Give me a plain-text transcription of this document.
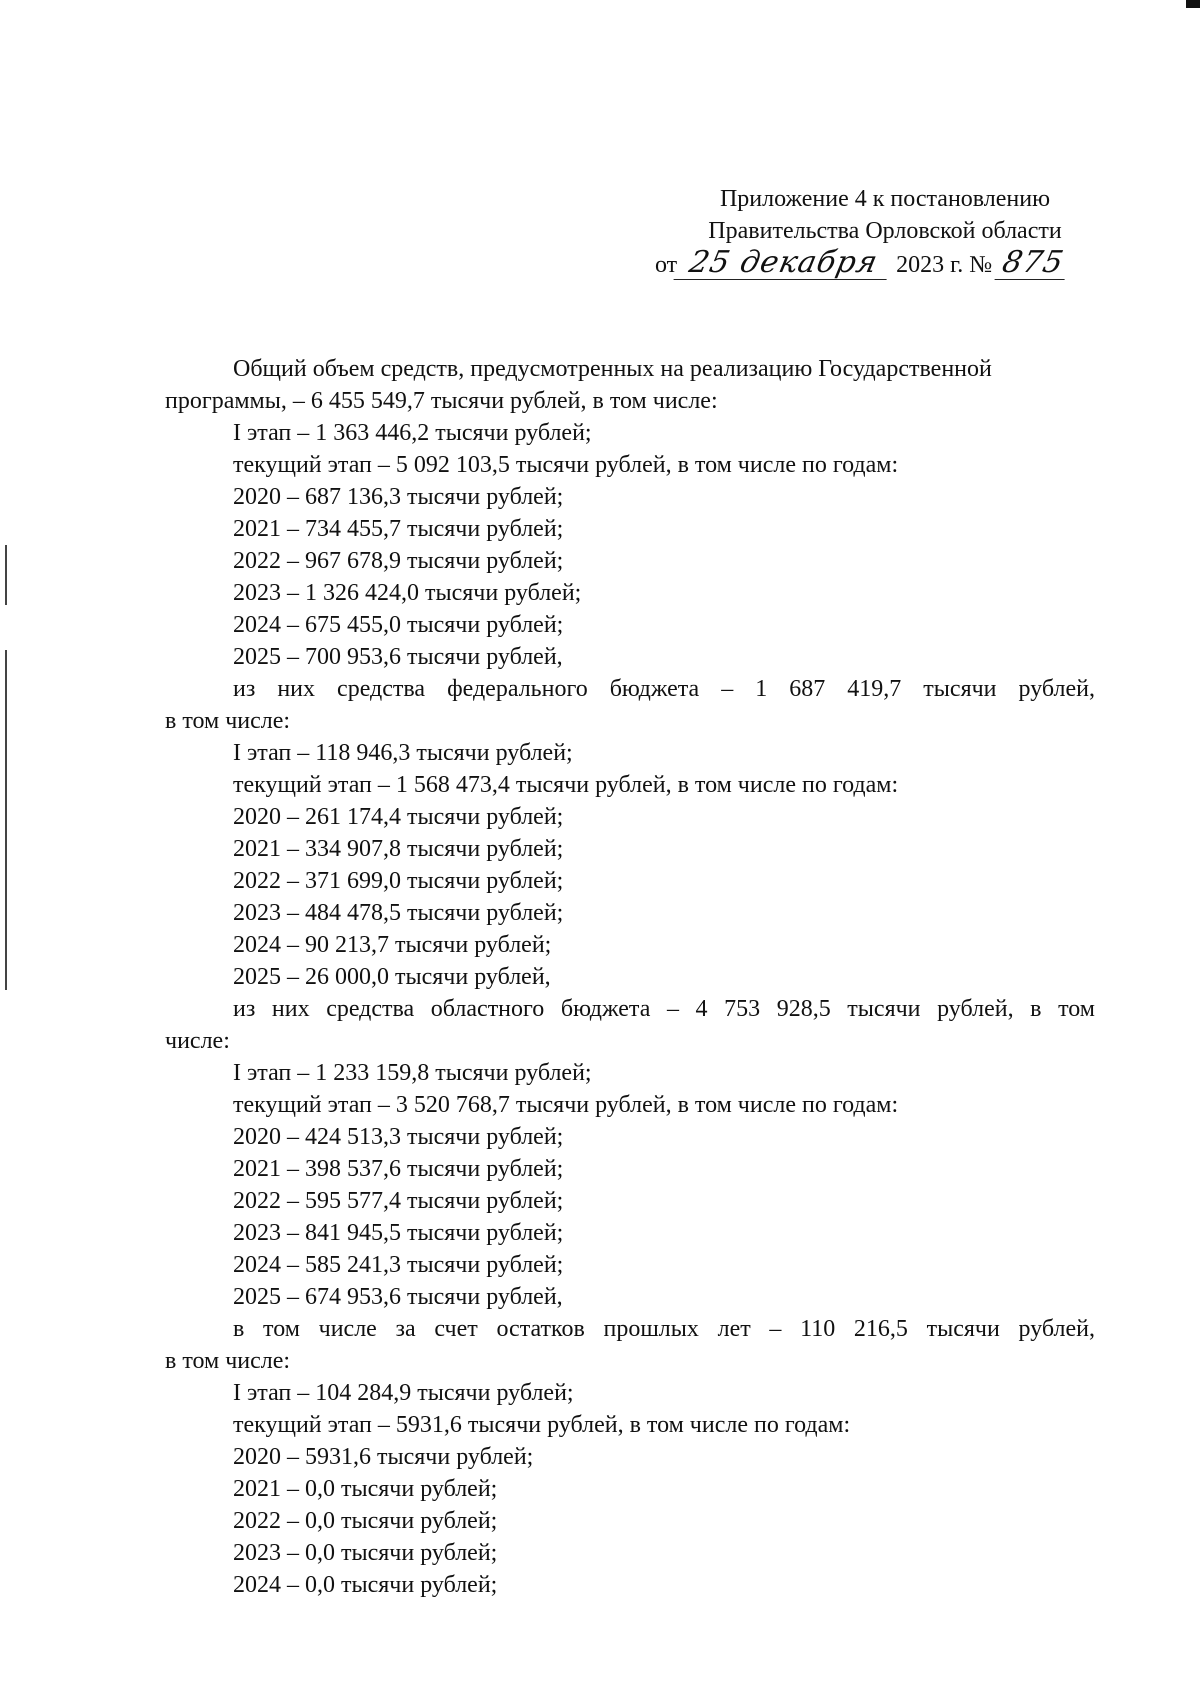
Приложение 4 к постановлению
Правительства Орловской области
от 25 декабря 2023 г. № 875
Общий объем средств, предусмотренных на реализацию Государственной
программы, – 6 455 549,7 тысячи рублей, в том числе:
I этап – 1 363 446,2 тысячи рублей;
текущий этап – 5 092 103,5 тысячи рублей, в том числе по годам:
2020 – 687 136,3 тысячи рублей;
2021 – 734 455,7 тысячи рублей;
2022 – 967 678,9 тысячи рублей;
2023 – 1 326 424,0 тысячи рублей;
2024 – 675 455,0 тысячи рублей;
2025 – 700 953,6 тысячи рублей,
из них средства федерального бюджета – 1 687 419,7 тысячи рублей,
в том числе:
I этап – 118 946,3 тысячи рублей;
текущий этап – 1 568 473,4 тысячи рублей, в том числе по годам:
2020 – 261 174,4 тысячи рублей;
2021 – 334 907,8 тысячи рублей;
2022 – 371 699,0 тысячи рублей;
2023 – 484 478,5 тысячи рублей;
2024 – 90 213,7 тысячи рублей;
2025 – 26 000,0 тысячи рублей,
из них средства областного бюджета – 4 753 928,5 тысячи рублей, в том
числе:
I этап – 1 233 159,8 тысячи рублей;
текущий этап – 3 520 768,7 тысячи рублей, в том числе по годам:
2020 – 424 513,3 тысячи рублей;
2021 – 398 537,6 тысячи рублей;
2022 – 595 577,4 тысячи рублей;
2023 – 841 945,5 тысячи рублей;
2024 – 585 241,3 тысячи рублей;
2025 – 674 953,6 тысячи рублей,
в том числе за счет остатков прошлых лет – 110 216,5 тысячи рублей,
в том числе:
I этап – 104 284,9 тысячи рублей;
текущий этап – 5931,6 тысячи рублей, в том числе по годам:
2020 – 5931,6 тысячи рублей;
2021 – 0,0 тысячи рублей;
2022 – 0,0 тысячи рублей;
2023 – 0,0 тысячи рублей;
2024 – 0,0 тысячи рублей;
